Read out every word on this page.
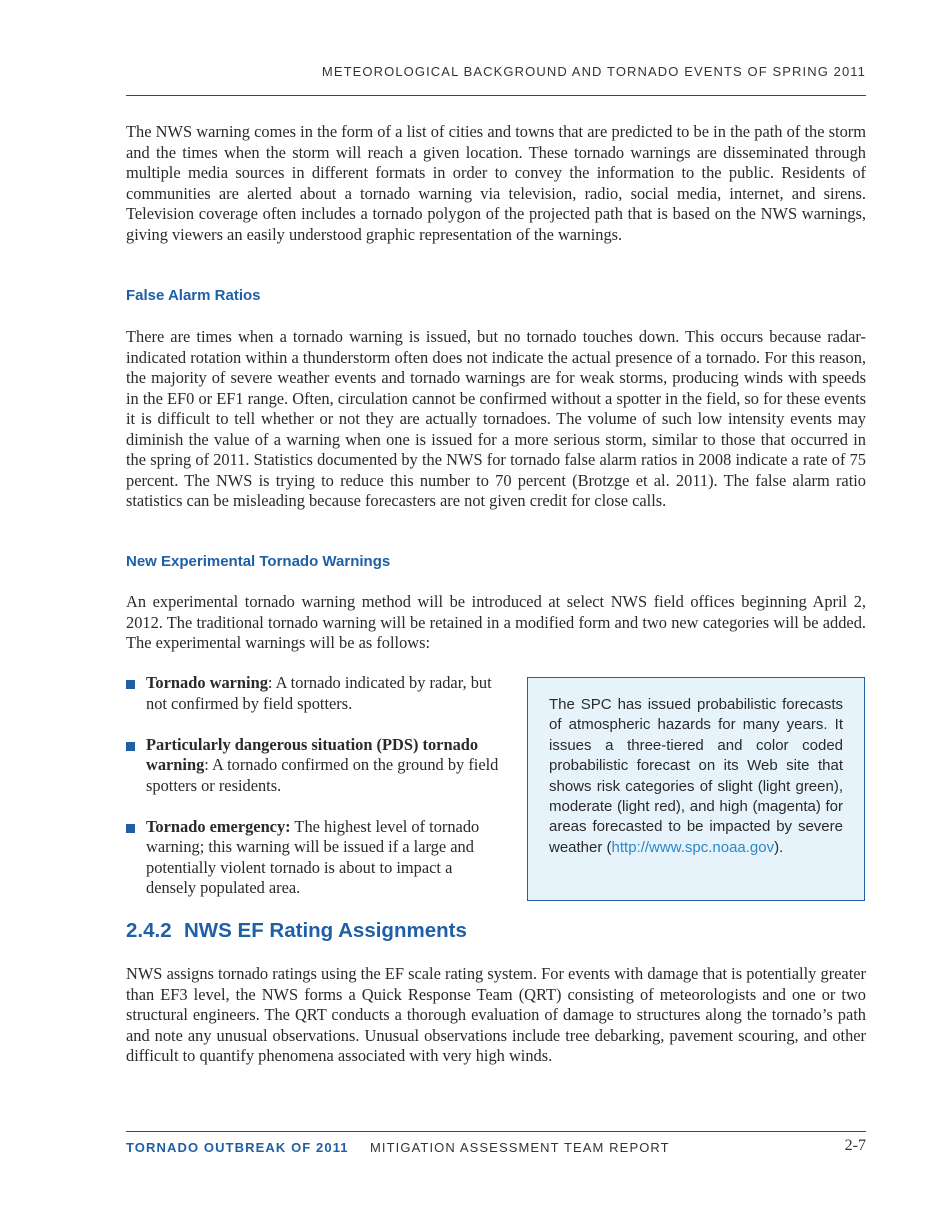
METEOROLOGICAL BACKGROUND AND TORNADO EVENTS OF SPRING 2011

The NWS warning comes in the form of a list of cities and towns that are predicted to be in the path of the storm and the times when the storm will reach a given location. These tornado warnings are disseminated through multiple media sources in different formats in order to convey the information to the public. Residents of communities are alerted about a tornado warning via television, radio, social media, internet, and sirens. Television coverage often includes a tornado polygon of the projected path that is based on the NWS warnings, giving viewers an easily understood graphic representation of the warnings.

False Alarm Ratios

There are times when a tornado warning is issued, but no tornado touches down. This occurs because radar-indicated rotation within a thunderstorm often does not indicate the actual presence of a tornado. For this reason, the majority of severe weather events and tornado warnings are for weak storms, producing winds with speeds in the EF0 or EF1 range. Often, circulation cannot be confirmed without a spotter in the field, so for these events it is difficult to tell whether or not they are actually tornadoes. The volume of such low intensity events may diminish the value of a warning when one is issued for a more serious storm, similar to those that occurred in the spring of 2011. Statistics documented by the NWS for tornado false alarm ratios in 2008 indicate a rate of 75 percent. The NWS is trying to reduce this number to 70 percent (Brotzge et al. 2011). The false alarm ratio statistics can be misleading because forecasters are not given credit for close calls.

New Experimental Tornado Warnings

An experimental tornado warning method will be introduced at select NWS field offices beginning April 2, 2012. The traditional tornado warning will be retained in a modified form and two new categories will be added. The experimental warnings will be as follows:

Tornado warning: A tornado indicated by radar, but not confirmed by field spotters.
Particularly dangerous situation (PDS) tornado warning: A tornado confirmed on the ground by field spotters or residents.
Tornado emergency: The highest level of tornado warning; this warning will be issued if a large and potentially violent tornado is about to impact a densely populated area.
The SPC has issued probabilistic forecasts of atmospheric hazards for many years. It issues a three-tiered and color coded probabilistic forecast on its Web site that shows risk categories of slight (light green), moderate (light red), and high (magenta) for areas forecasted to be impacted by severe weather (http://www.spc.noaa.gov).
2.4.2 NWS EF Rating Assignments

NWS assigns tornado ratings using the EF scale rating system. For events with damage that is potentially greater than EF3 level, the NWS forms a Quick Response Team (QRT) consisting of meteorologists and one or two structural engineers. The QRT conducts a thorough evaluation of damage to structures along the tornado’s path and note any unusual observations. Unusual observations include tree debarking, pavement scouring, and other difficult to quantify phenomena associated with very high winds.

TORNADO OUTBREAK OF 2011 MITIGATION ASSESSMENT TEAM REPORT	2-7
